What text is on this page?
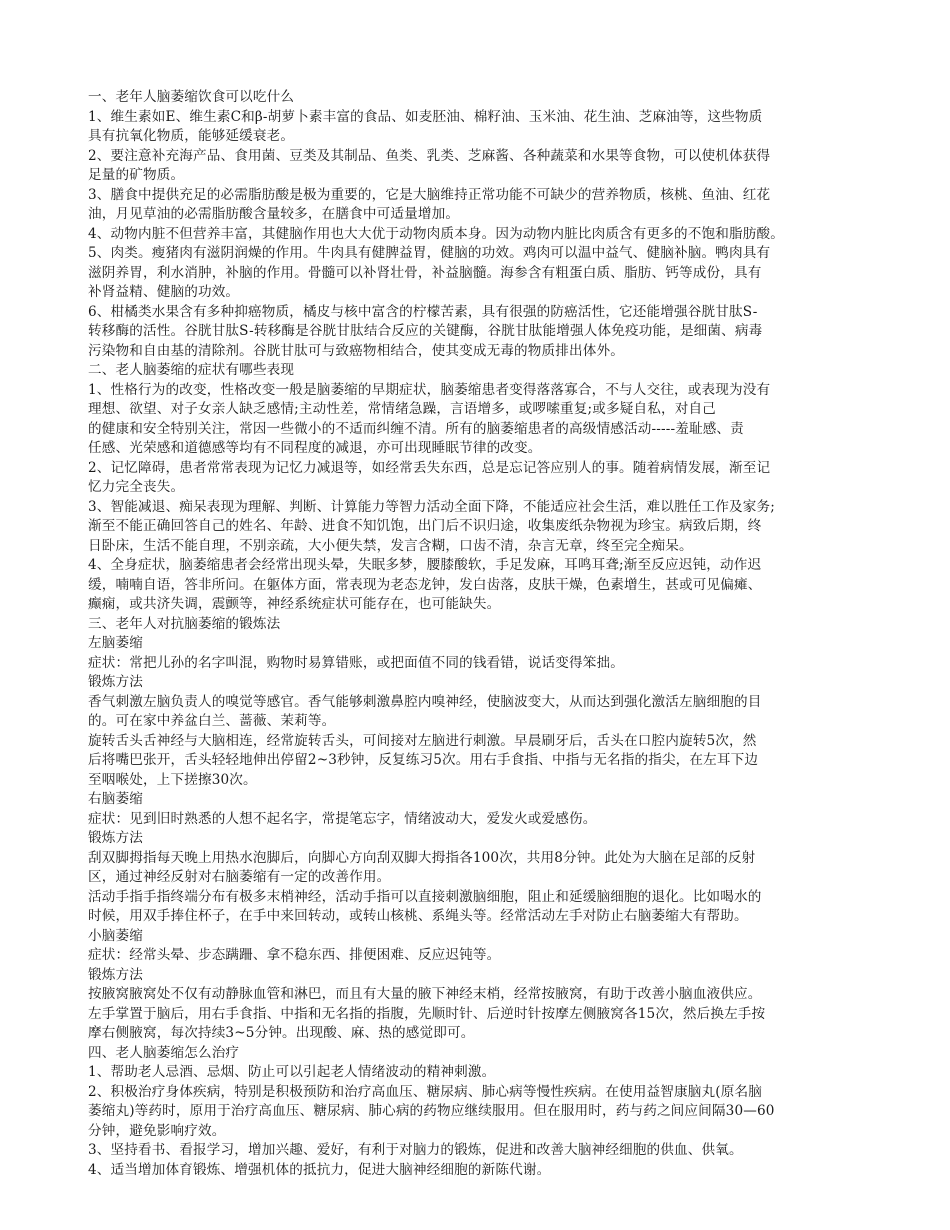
一、老年人脑萎缩饮食可以吃什么
1、维生素如E、维生素C和β-胡萝卜素丰富的食品、如麦胚油、棉籽油、玉米油、花生油、芝麻油等，这些物质
具有抗氧化物质，能够延缓衰老。
2、要注意补充海产品、食用菌、豆类及其制品、鱼类、乳类、芝麻酱、各种蔬菜和水果等食物，可以使机体获得
足量的矿物质。
3、膳食中提供充足的必需脂肪酸是极为重要的，它是大脑维持正常功能不可缺少的营养物质，核桃、鱼油、红花
油，月见草油的必需脂肪酸含量较多，在膳食中可适量增加。
4、动物内脏不但营养丰富，其健脑作用也大大优于动物肉质本身。因为动物内脏比肉质含有更多的不饱和脂肪酸。
5、肉类。瘦猪肉有滋阴润燥的作用。牛肉具有健脾益胃，健脑的功效。鸡肉可以温中益气、健脑补脑。鸭肉具有
滋阴养胃，利水消肿，补脑的作用。骨髓可以补肾壮骨，补益脑髓。海参含有粗蛋白质、脂肪、钙等成份，具有
补肾益精、健脑的功效。
6、柑橘类水果含有多种抑癌物质，橘皮与核中富含的柠檬苦素，具有很强的防癌活性，它还能增强谷胱甘肽S-
转移酶的活性。谷胱甘肽S-转移酶是谷胱甘肽结合反应的关键酶，谷胱甘肽能增强人体免疫功能，是细菌、病毒
污染物和自由基的清除剂。谷胱甘肽可与致癌物相结合，使其变成无毒的物质排出体外。
二、老人脑萎缩的症状有哪些表现
1、性格行为的改变，性格改变一般是脑萎缩的早期症状，脑萎缩患者变得落落寡合，不与人交往，或表现为没有
理想、欲望、对子女亲人缺乏感情;主动性差，常情绪急躁，言语增多，或啰嗦重复;或多疑自私，对自己
的健康和安全特别关注，常因一些微小的不适而纠缠不清。所有的脑萎缩患者的高级情感活动-----羞耻感、责
任感、光荣感和道德感等均有不同程度的减退，亦可出现睡眠节律的改变。
2、记忆障碍，患者常常表现为记忆力减退等，如经常丢失东西，总是忘记答应别人的事。随着病情发展，渐至记
忆力完全丧失。
3、智能减退、痴呆表现为理解、判断、计算能力等智力活动全面下降，不能适应社会生活，难以胜任工作及家务;
渐至不能正确回答自己的姓名、年龄、进食不知饥饱，出门后不识归途，收集废纸杂物视为珍宝。病致后期，终
日卧床，生活不能自理，不别亲疏，大小便失禁，发言含糊，口齿不清，杂言无章，终至完全痴呆。
4、全身症状，脑萎缩患者会经常出现头晕，失眠多梦，腰膝酸软，手足发麻，耳鸣耳聋;渐至反应迟钝，动作迟
缓，喃喃自语，答非所问。在躯体方面，常表现为老态龙钟，发白齿落，皮肤干燥，色素增生，甚或可见偏瘫、
癫痫，或共济失调，震颤等，神经系统症状可能存在，也可能缺失。
三、老年人对抗脑萎缩的锻炼法
左脑萎缩
症状：常把儿孙的名字叫混，购物时易算错账，或把面值不同的钱看错，说话变得笨拙。
锻炼方法
香气刺激左脑负责人的嗅觉等感官。香气能够刺激鼻腔内嗅神经，使脑波变大，从而达到强化激活左脑细胞的目
的。可在家中养盆白兰、蔷薇、茉莉等。
旋转舌头舌神经与大脑相连，经常旋转舌头，可间接对左脑进行刺激。早晨刷牙后，舌头在口腔内旋转5次，然
后将嘴巴张开，舌头轻轻地伸出停留2~3秒钟，反复练习5次。用右手食指、中指与无名指的指尖，在左耳下边
至咽喉处，上下搓擦30次。
右脑萎缩
症状：见到旧时熟悉的人想不起名字，常提笔忘字，情绪波动大，爱发火或爱感伤。
锻炼方法
刮双脚拇指每天晚上用热水泡脚后，向脚心方向刮双脚大拇指各100次，共用8分钟。此处为大脑在足部的反射
区，通过神经反射对右脑萎缩有一定的改善作用。
活动手指手指终端分布有极多末梢神经，活动手指可以直接刺激脑细胞，阻止和延缓脑细胞的退化。比如喝水的
时候，用双手捧住杯子，在手中来回转动，或转山核桃、系绳头等。经常活动左手对防止右脑萎缩大有帮助。
小脑萎缩
症状：经常头晕、步态蹒跚、拿不稳东西、排便困难、反应迟钝等。
锻炼方法
按腋窝腋窝处不仅有动静脉血管和淋巴，而且有大量的腋下神经末梢，经常按腋窝，有助于改善小脑血液供应。
左手掌置于脑后，用右手食指、中指和无名指的指腹，先顺时针、后逆时针按摩左侧腋窝各15次，然后换左手按
摩右侧腋窝，每次持续3~5分钟。出现酸、麻、热的感觉即可。
四、老人脑萎缩怎么治疗
1、帮助老人忌酒、忌烟、防止可以引起老人情绪波动的精神刺激。
2、积极治疗身体疾病，特别是积极预防和治疗高血压、糖尿病、肺心病等慢性疾病。在使用益智康脑丸(原名脑
萎缩丸)等药时，原用于治疗高血压、糖尿病、肺心病的药物应继续服用。但在服用时，药与药之间应间隔30—60
分钟，避免影响疗效。
3、坚持看书、看报学习，增加兴趣、爱好，有利于对脑力的锻炼，促进和改善大脑神经细胞的供血、供氧。
4、适当增加体育锻炼、增强机体的抵抗力，促进大脑神经细胞的新陈代谢。
